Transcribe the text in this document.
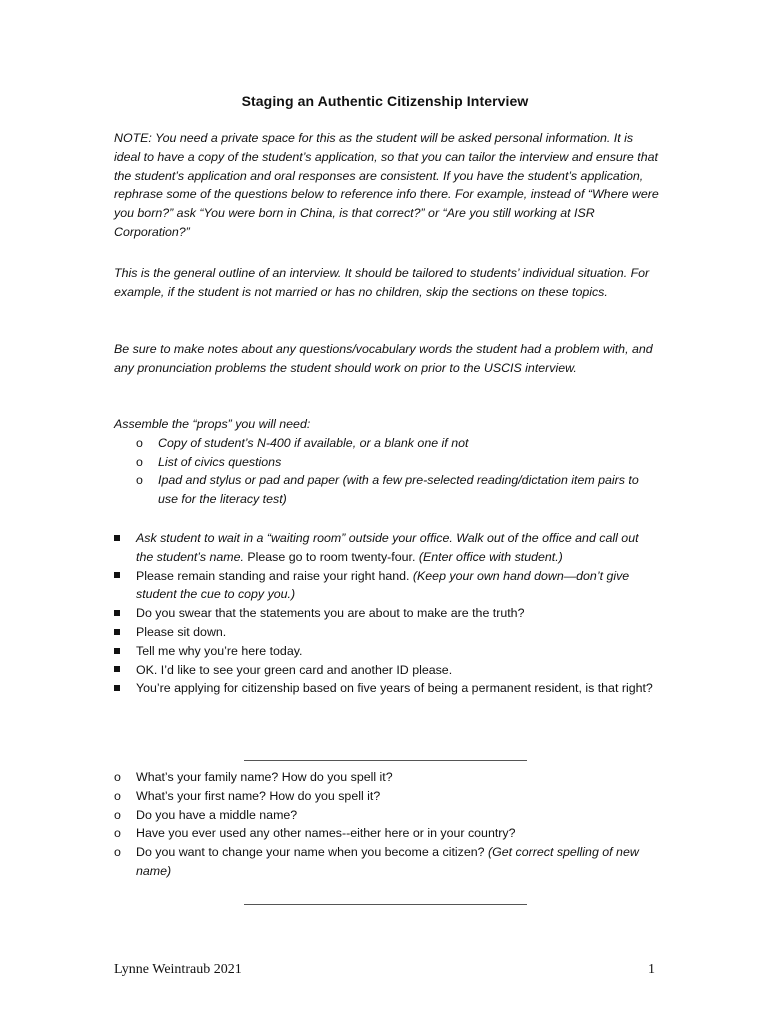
Staging an Authentic Citizenship Interview

NOTE: You need a private space for this as the student will be asked personal information. It is ideal to have a copy of the student’s application, so that you can tailor the interview and ensure that the student’s application and oral responses are consistent. If you have the student’s application, rephrase some of the questions below to reference info there. For example, instead of “Where were you born?” ask “You were born in China, is that correct?” or “Are you still working at ISR Corporation?”

This is the general outline of an interview. It should be tailored to students’ individual situation. For example, if the student is not married or has no children, skip the sections on these topics.

Be sure to make notes about any questions/vocabulary words the student had a problem with, and any pronunciation problems the student should work on prior to the USCIS interview.

Assemble the “props” you will need:

o Copy of student’s N-400 if available, or a blank one if not
o List of civics questions
o Ipad and stylus or pad and paper (with a few pre-selected reading/dictation item pairs to use for the literacy test)
Ask student to wait in a “waiting room” outside your office. Walk out of the office and call out the student’s name. Please go to room twenty-four. (Enter office with student.)
Please remain standing and raise your right hand. (Keep your own hand down—don’t give student the cue to copy you.)
Do you swear that the statements you are about to make are the truth?
Please sit down.
Tell me why you’re here today.
OK. I’d like to see your green card and another ID please.
You’re applying for citizenship based on five years of being a permanent resident, is that right?
o What’s your family name? How do you spell it?
o What’s your first name? How do you spell it?
o Do you have a middle name?
o Have you ever used any other names--either here or in your country?
o Do you want to change your name when you become a citizen? (Get correct spelling of new name)
Lynne Weintraub 2021	1
